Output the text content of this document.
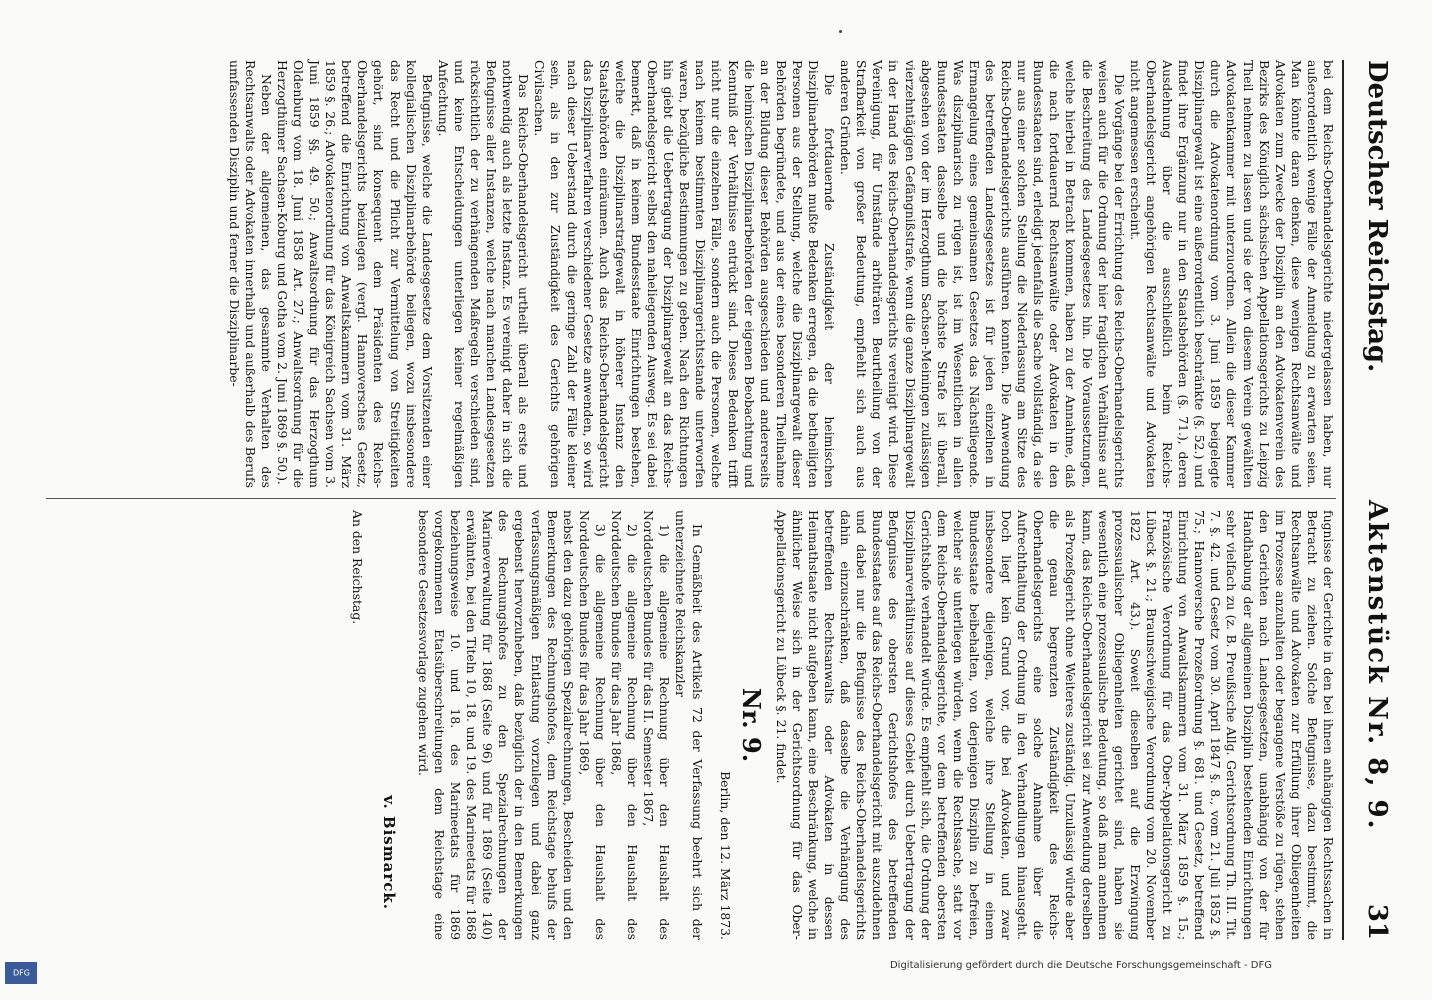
Deutscher Reichstag.
Aktenstück Nr. 8, 9.
31

bei dem Reichs-Oberhandelsgerichte niedergelassen haben, nur außerordentlich wenige Fälle der Anmeldung zu erwarten seien. Man könnte daran denken, diese wenigen Rechtsanwälte und Advokaten zum Zwecke der Disziplin an den Advokatenverein des Bezirks des Königlich sächsischen Appellationsgerichts zu Leipzig Theil nehmen zu lassen und sie der von diesem Verein gewählten Advokatenkammer mit unterzuordnen. Allein die dieser Kammer durch die Advokatenordnung vom 3. Juni 1859 beigelegte Disziplinargewalt ist eine außerordentlich beschränkte (§. 52.) und findet ihre Ergänzung nur in den Staatsbehörden (§. 71.), deren Ausdehnung über die ausschließlich beim Reichs-Oberhandelsgericht angehörigen Rechtsanwälte und Advokaten nicht angemessen erscheint.

Die Vorgänge bei der Errichtung des Reichs-Oberhandelsgerichts weisen auch für die Ordnung der hier fraglichen Verhältnisse auf die Beschreitung des Landesgesetzes hin. Die Voraussetzungen, welche hierbei in Betracht kommen, haben zu der Annahme, daß die nach fortdauernd Rechtsanwälte oder Advokaten in den Bundesstaaten sind, erledigt jedenfalls die Sache vollständig, da sie nur aus einer solchen Stellung die Niederlassung am Sitze des Reichs-Oberhandelsgerichts ausführen konnten. Die Anwendung des betreffenden Landesgesetzes ist für jeden einzelnen in Ermangelung eines gemeinsamen Gesetzes das Nächstliegende. Was disziplinarisch zu rügen ist, ist im Wesentlichen in allen Bundesstaaten dasselbe und die höchste Strafe ist überall, abgesehen von der im Herzogthum Sachsen-Meiningen zulässigen vierzehntägigen Gefängnißstrafe, wenn die ganze Disziplinargewalt in der Hand des Reichs-Oberhandelsgerichts vereinigt wird. Diese Vereinigung, für Umstände arbiträren Beurtheilung von der Strafbarkeit von großer Bedeutung, empfiehlt sich auch aus anderen Gründen.

Die fortdauernde Zuständigkeit der heimischen Disziplinarbehörden mußte Bedenken erregen, da die betheiligten Personen aus der Stellung, welche die Disziplinargewalt dieser Behörden begründete, und aus der eines besonderen Theilnahme an der Bildung dieser Behörden ausgeschieden und andererseits die heimischen Disziplinarbehörden der eigenen Beobachtung und Kenntniß der Verhältnisse entrückt sind. Dieses Bedenken trifft nicht nur die einzelnen Fälle, sondern auch die Personen, welche nach keinem bestimmten Disziplinargerichtsstande unterworfen waren, bezügliche Bestimmungen zu geben. Nach den Richtungen hin giebt die Uebertragung der Disziplinargewalt an das Reichs-Oberhandelsgericht selbst den naheliegenden Ausweg. Es sei dabei bemerkt, daß in keinem Bundesstaate Einrichtungen bestehen, welche die Disziplinarstrafgewalt in höherer Instanz den Staatsbehörden einräumen. Auch das Reichs-Oberhandelsgericht das Disziplinarverfahren verschiedener Gesetze anwenden, so wird nach dieser Ueberstand durch die geringe Zahl der Fälle kleiner sein, als in den zur Zuständigkeit des Gerichts gehörigen Civilsachen.

Das Reichs-Oberhandelsgericht urtheilt überall als erste und nothwendig auch als letzte Instanz. Es vereinigt daher in sich die Befugnisse aller Instanzen, welche nach manchen Landesgesetzen rücksichtlich der zu verhängenden Maßregeln verschieden sind, und keine Entscheidungen unterliegen keiner regelmäßigen Anfechtung.

Befugnisse, welche die Landesgesetze dem Vorsitzenden einer kollegialischen Disziplinarbehörde beilegen, wozu insbesondere das Recht und die Pflicht zur Vermittelung von Streitigkeiten gehört, sind konsequent dem Präsidenten des Reichs-Oberhandelsgerichts beizulegen (vergl. Hannoversches Gesetz, betreffend die Einrichtung von Anwaltskammern vom 31. März 1859 §. 26.; Advokatenordnung für das Königreich Sachsen vom 3. Juni 1859 §§. 49. 50.; Anwaltsordnung für das Herzogthum Oldenburg vom 18. Juni 1858 Art. 27.; Anwaltsordnung für die Herzogthümer Sachsen-Koburg und Gotha vom 2. Juni 1869 §. 50.).

Neben der allgemeinen, das gesammte Verhalten des Rechtsanwalts oder Advokaten innerhalb und außerhalb des Berufs umfassenden Disziplin und ferner die Disziplinarbe-

fugnisse der Gerichte in den bei ihnen anhängigen Rechtssachen in Betracht zu ziehen. Solche Befugnisse, dazu bestimmt, die Rechtsanwälte und Advokaten zur Erfüllung ihrer Obliegenheiten im Prozesse anzuhalten oder begangene Verstöße zu rügen, stehen den Gerichten nach Landesgesetzen, unabhängig von der für Handhabung der allgemeinen Disziplin bestehenden Einrichtungen sehr vielfach zu (z. B. Preußische Allg. Gerichtsordnung Th. III. Tit. 7. §. 42. und Gesetz vom 30. April 1847 §. 8., vom 21. Juli 1852 §. 75.; Hannoversche Prozeßordnung §. 681. und Gesetz, betreffend Einrichtung von Anwaltskammern vom 31. März 1859 §. 15.; Französische Verordnung für das Ober-Appellationsgericht zu Lübeck §. 21.; Braunschweigische Verordnung vom 20. November 1822 Art. 43.). Soweit dieselben auf die Erzwingung prozessualischer Obliegenheiten gerichtet sind, haben sie wesentlich eine prozessualische Bedeutung, so daß man annehmen kann, das Reichs-Oberhandelsgericht sei zur Anwendung derselben als Prozeßgericht ohne Weiteres zuständig. Unzulässig würde aber die genau begrenzten Zuständigkeit des Reichs-Oberhandelsgerichts eine solche Annahme über die Aufrechthaltung der Ordnung in den Verhandlungen hinausgeht. Doch liegt kein Grund vor, die bei Advokaten, und zwar insbesondere diejenigen, welche ihre Stellung in einem Bundesstaate beibehalten, von derjenigen Disziplin zu befreien, welcher sie unterliegen würden, wenn die Rechtssache, statt vor dem Reichs-Oberhandelsgerichte, vor dem betreffenden obersten Gerichtshofe verhandelt würde. Es empfiehlt sich, die Ordnung der Disziplinarverhältnisse auf dieses Gebiet durch Uebertragung der Befugnisse des obersten Gerichtshofes des betreffenden Bundesstaates auf das Reichs-Oberhandelsgericht mit auszudehnen und dabei nur die Befugnisse des Reichs-Oberhandelsgerichts dahin einzuschränken, daß dasselbe die Verhängung des betreffenden Rechtsanwalts oder Advokaten in dessen Heimathstaate nicht aufgeben kann, eine Beschränkung, welche in ähnlicher Weise sich in der Gerichtsordnung für das Ober-Appellationsgericht zu Lübeck §. 21. findet.

Nr. 9.
Berlin, den 12. März 1873.

In Gemäßheit des Artikels 72 der Verfassung beehrt sich der unterzeichnete Reichskanzler

1) die allgemeine Rechnung über den Haushalt des Norddeutschen Bundes für das II. Semester 1867,

2) die allgemeine Rechnung über den Haushalt des Norddeutschen Bundes für das Jahr 1868,

3) die allgemeine Rechnung über den Haushalt des Norddeutschen Bundes für das Jahr 1869,

nebst den dazu gehörigen Spezialrechnungen, Bescheiden und den Bemerkungen des Rechnungshofes, dem Reichstage behufs der verfassungsmäßigen Entlastung vorzulegen und dabei ganz ergebenst hervorzuheben, daß bezüglich der in den Bemerkungen des Rechnungshofes zu den Spezialrechnungen der Marineverwaltung für 1868 (Seite 96) und für 1869 (Seite 140) erwähnten, bei den Titeln 10, 18. und 19. des Marineetats für 1868 beziehungsweise 10. und 18. des Marineetats für 1869 vorgekommenen Etatsüberschreitungen dem Reichstage eine besondere Gesetzesvorlage zugehen wird.

v. Bismarck.

An den Reichstag.

Digitalisierung gefördert durch die Deutsche Forschungsgemeinschaft - DFG
DFG
